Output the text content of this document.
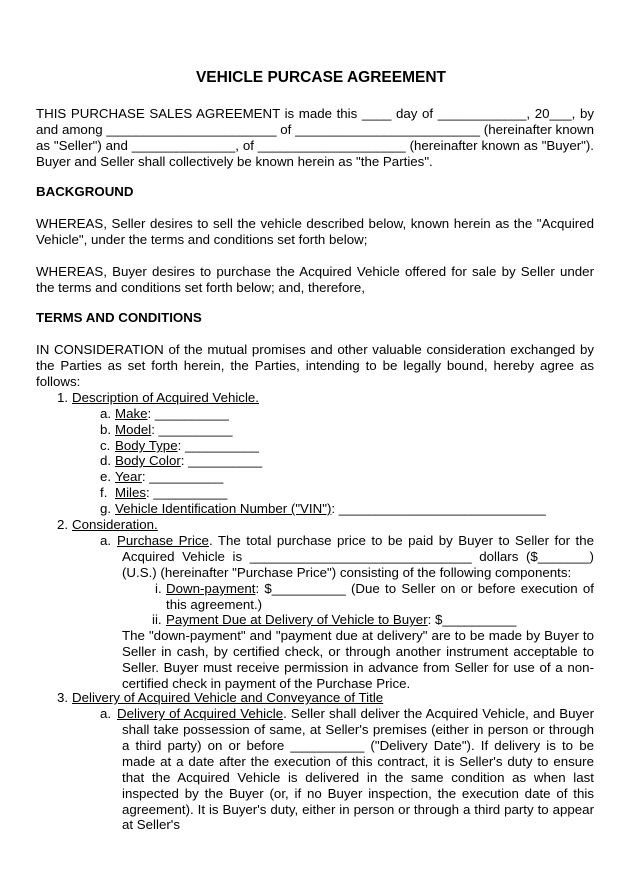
VEHICLE PURCASE AGREEMENT
THIS PURCHASE SALES AGREEMENT is made this ____ day of ____________, 20___, by and among _______________________ of _________________________ (hereinafter known as "Seller") and ______________, of ____________________ (hereinafter known as "Buyer"). Buyer and Seller shall collectively be known herein as "the Parties".
BACKGROUND
WHEREAS, Seller desires to sell the vehicle described below, known herein as the "Acquired Vehicle", under the terms and conditions set forth below;
WHEREAS, Buyer desires to purchase the Acquired Vehicle offered for sale by Seller under the terms and conditions set forth below; and, therefore,
TERMS AND CONDITIONS
IN CONSIDERATION of the mutual promises and other valuable consideration exchanged by the Parties as set forth herein, the Parties, intending to be legally bound, hereby agree as follows:
1. Description of Acquired Vehicle.
a. Make: __________
b. Model: __________
c. Body Type: __________
d. Body Color: __________
e. Year: __________
f. Miles: __________
g. Vehicle Identification Number ("VIN"): ____________________________
2. Consideration.
a. Purchase Price. The total purchase price to be paid by Buyer to Seller for the
Acquired Vehicle is ______________________________ dollars ($_______)
(U.S.) (hereinafter "Purchase Price") consisting of the following components:
i. Down-payment: $__________ (Due to Seller on or before execution of
this agreement.)
ii. Payment Due at Delivery of Vehicle to Buyer: $__________
The "down-payment" and "payment due at delivery" are to be made by Buyer to Seller in cash, by certified check, or through another instrument acceptable to Seller. Buyer must receive permission in advance from Seller for use of a non-certified check in payment of the Purchase Price.
3. Delivery of Acquired Vehicle and Conveyance of Title
a. Delivery of Acquired Vehicle. Seller shall deliver the Acquired Vehicle, and Buyer
shall take possession of same, at Seller's premises (either in person or through a third party) on or before __________ ("Delivery Date"). If delivery is to be made at a date after the execution of this contract, it is Seller's duty to ensure that the Acquired Vehicle is delivered in the same condition as when last inspected by the Buyer (or, if no Buyer inspection, the execution date of this agreement). It is Buyer's duty, either in person or through a third party to appear at Seller's
